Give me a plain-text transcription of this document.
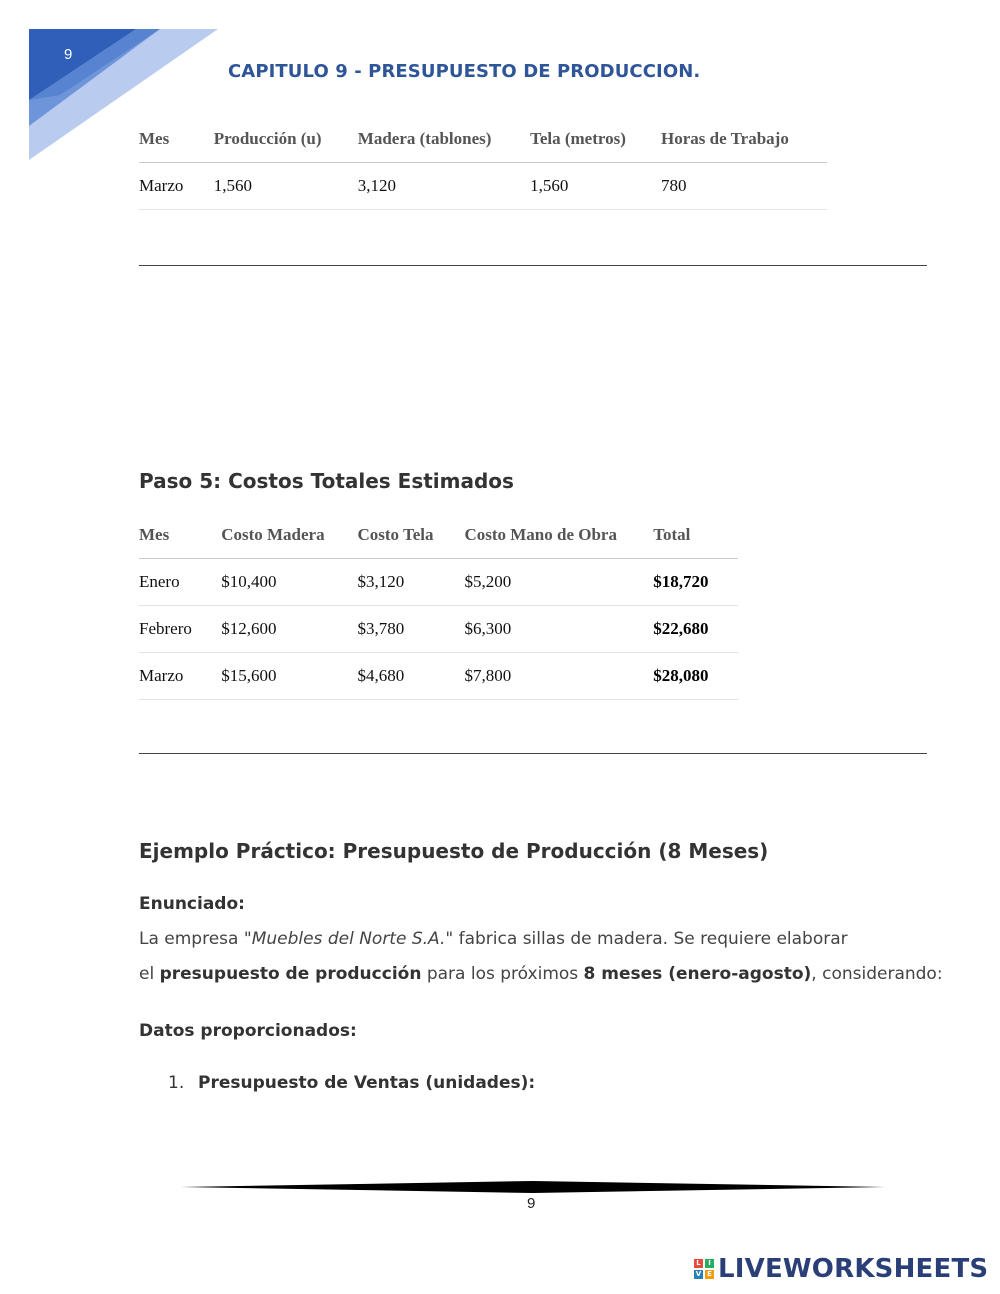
9
CAPITULO 9 - PRESUPUESTO DE PRODUCCION.
Mes	Producción (u)	Madera (tablones)	Tela (metros)	Horas de Trabajo
Marzo	1,560	3,120	1,560	780
Paso 5: Costos Totales Estimados
Mes	Costo Madera	Costo Tela	Costo Mano de Obra	Total
Enero	$10,400	$3,120	$5,200	$18,720
Febrero	$12,600	$3,780	$6,300	$22,680
Marzo	$15,600	$4,680	$7,800	$28,080
Ejemplo Práctico: Presupuesto de Producción (8 Meses)
Enunciado:
La empresa "Muebles del Norte S.A." fabrica sillas de madera. Se requiere elaborar
el presupuesto de producción para los próximos 8 meses (enero-agosto), considerando:
Datos proporcionados:
1. Presupuesto de Ventas (unidades):
9
L	I
V E LIVEWORKSHEETS
